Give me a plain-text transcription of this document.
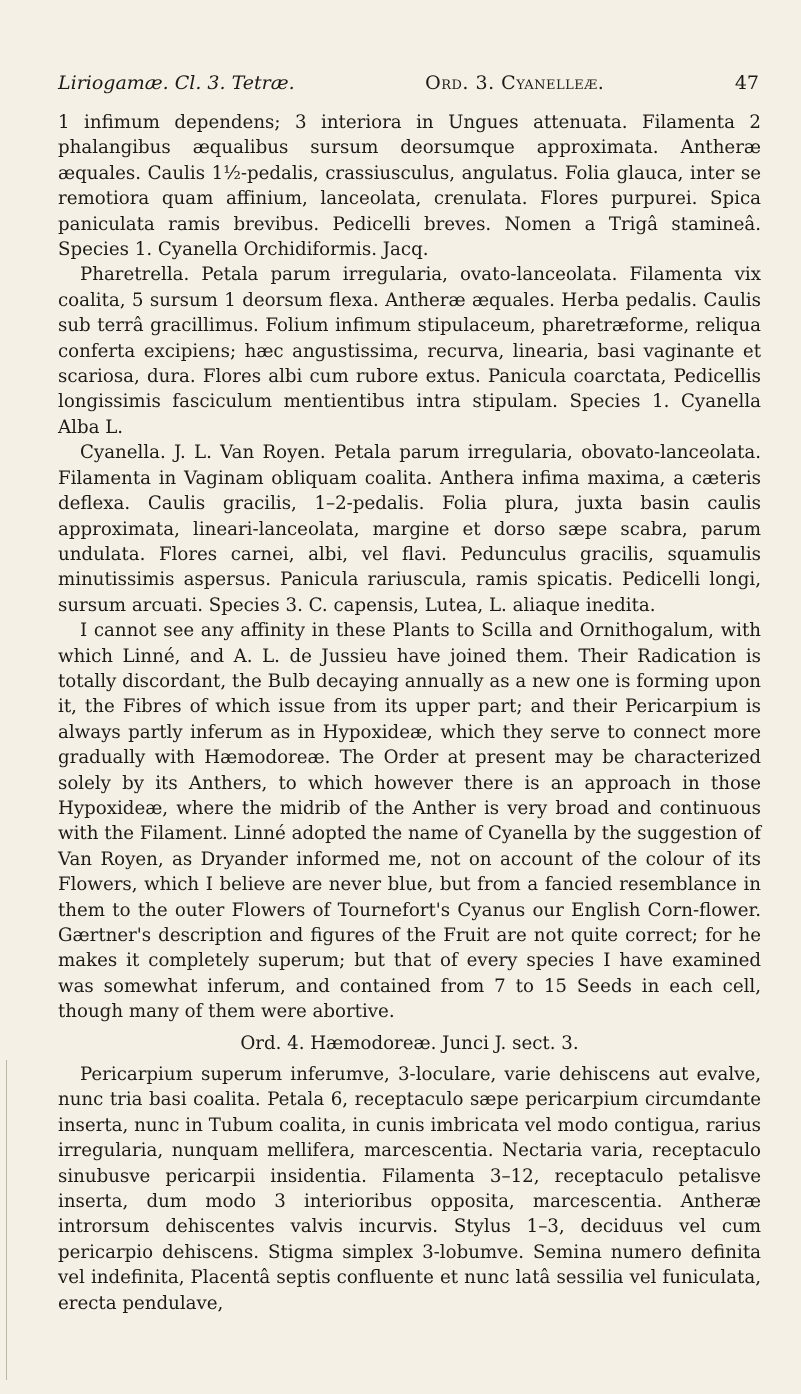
Liriogamæ. Cl. 3. Tetræ.	Ord. 3. Cyanelleæ.	47

1 infimum dependens; 3 interiora in Ungues attenuata. Filamenta 2 phalangibus æqualibus sursum deorsumque approximata. Antheræ æquales. Caulis 1½-pedalis, crassiusculus, angulatus. Folia glauca, inter se remotiora quam affinium, lanceolata, crenulata. Flores purpurei. Spica paniculata ramis brevibus. Pedicelli breves. Nomen a Trigâ stamineâ. Species 1. Cyanella Orchidiformis. Jacq.

Pharetrella. Petala parum irregularia, ovato-lanceolata. Filamenta vix coalita, 5 sursum 1 deorsum flexa. Antheræ æquales. Herba pedalis. Caulis sub terrâ gracillimus. Folium infimum stipulaceum, pharetræforme, reliqua conferta excipiens; hæc angustissima, recurva, linearia, basi vaginante et scariosa, dura. Flores albi cum rubore extus. Panicula coarctata, Pedicellis longissimis fasciculum mentientibus intra stipulam. Species 1. Cyanella Alba L.

Cyanella. J. L. Van Royen. Petala parum irregularia, obovato-lanceolata. Filamenta in Vaginam obliquam coalita. Anthera infima maxima, a cæteris deflexa. Caulis gracilis, 1–2-pedalis. Folia plura, juxta basin caulis approximata, lineari-lanceolata, margine et dorso sæpe scabra, parum undulata. Flores carnei, albi, vel flavi. Pedunculus gracilis, squamulis minutissimis aspersus. Panicula rariuscula, ramis spicatis. Pedicelli longi, sursum arcuati. Species 3. C. capensis, Lutea, L. aliaque inedita.

I cannot see any affinity in these Plants to Scilla and Ornithogalum, with which Linné, and A. L. de Jussieu have joined them. Their Radication is totally discordant, the Bulb decaying annually as a new one is forming upon it, the Fibres of which issue from its upper part; and their Pericarpium is always partly inferum as in Hypoxideæ, which they serve to connect more gradually with Hæmodoreæ. The Order at present may be characterized solely by its Anthers, to which however there is an approach in those Hypoxideæ, where the midrib of the Anther is very broad and continuous with the Filament. Linné adopted the name of Cyanella by the suggestion of Van Royen, as Dryander informed me, not on account of the colour of its Flowers, which I believe are never blue, but from a fancied resemblance in them to the outer Flowers of Tournefort's Cyanus our English Corn-flower. Gærtner's description and figures of the Fruit are not quite correct; for he makes it completely superum; but that of every species I have examined was somewhat inferum, and contained from 7 to 15 Seeds in each cell, though many of them were abortive.

Ord. 4. Hæmodoreæ. Junci J. sect. 3.

Pericarpium superum inferumve, 3-loculare, varie dehiscens aut evalve, nunc tria basi coalita. Petala 6, receptaculo sæpe pericarpium circumdante inserta, nunc in Tubum coalita, in cunis imbricata vel modo contigua, rarius irregularia, nunquam mellifera, marcescentia. Nectaria varia, receptaculo sinubusve pericarpii insidentia. Filamenta 3–12, receptaculo petalisve inserta, dum modo 3 interioribus opposita, marcescentia. Antheræ introrsum dehiscentes valvis incurvis. Stylus 1–3, deciduus vel cum pericarpio dehiscens. Stigma simplex 3-lobumve. Semina numero definita vel indefinita, Placentâ septis confluente et nunc latâ sessilia vel funiculata, erecta pendulave,
